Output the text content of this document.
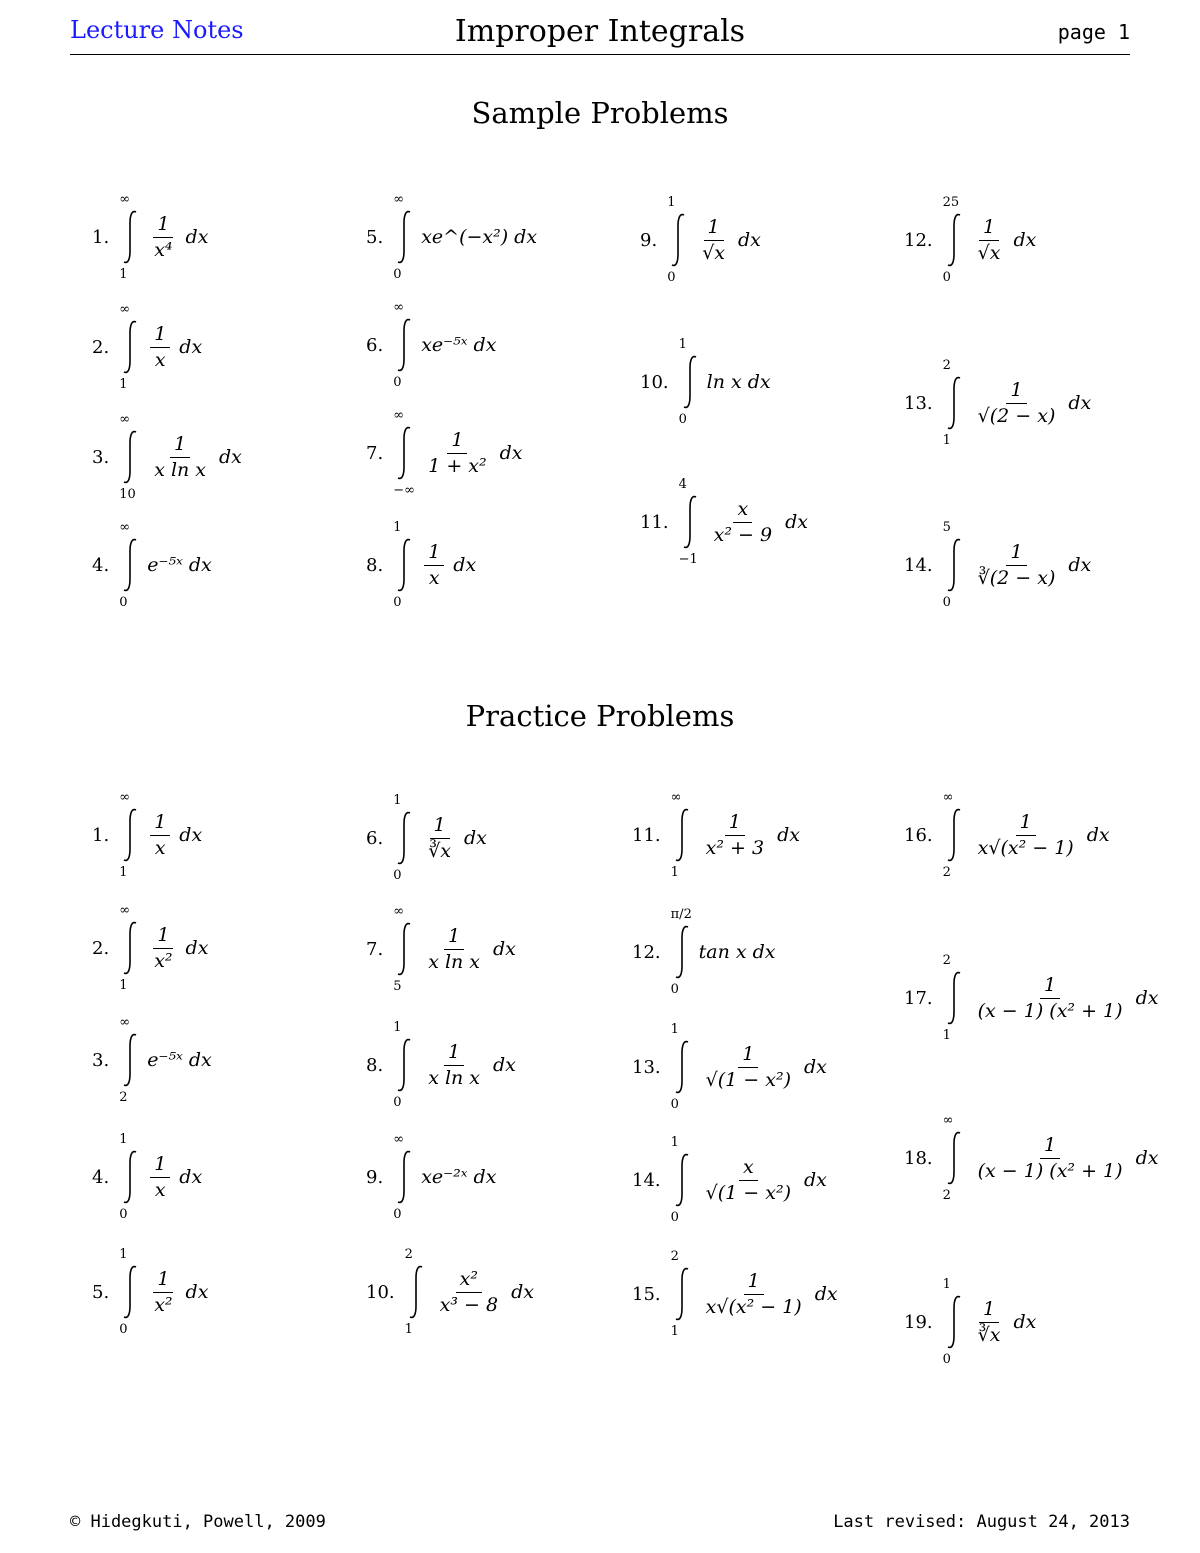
Lecture Notes	Improper Integrals	page 1
Sample Problems
Practice Problems
1.
∞
1
$\frac{1}{\text{x⁴}}$ dx
2.
∞
1
$\frac{1}{x}$ dx
3.
∞
10
$\frac{1}{\text{x ln x}}$ dx
4.
∞
0
e⁻⁵ˣ dx
5.
∞
0
xe^(−x²) dx
6.
∞
0
xe⁻⁵ˣ dx
7.
∞
−∞
$\frac{1}{\text{1 + x²}}$ dx
8.
1
0
$\frac{1}{x}$ dx
9.
1
0
$\frac{1}{√x}$ dx
10.
1
0
ln x dx
11.
4
−1
$\frac{x}{\text{x² − 9}}$ dx
12.
25
0
$\frac{1}{√x}$ dx
13.
2
1
$\frac{1}{√(2 - x)}$ dx
14.
5
0
$\frac{1}{∛(2 - x)}$ dx
1.
∞
1
$\frac{1}{x}$ dx
2.
∞
1
$\frac{1}{\text{x²}}$ dx
3.
∞
2
e⁻⁵ˣ dx
4.
1
0
$\frac{1}{x}$ dx
5.
1
0
$\frac{1}{\text{x²}}$ dx
6.
1
0
$\frac{1}{∛x}$ dx
7.
∞
5
$\frac{1}{\text{x ln x}}$ dx
8.
1
0
$\frac{1}{\text{x ln x}}$ dx
9.
∞
0
xe⁻²ˣ dx
10.
2
1
$\frac{\text{x²}}{\text{x³ − 8}}$ dx
11.
∞
1
$\frac{1}{\text{x² + 3}}$ dx
12.
π/2
0
tan x dx
13.
1
0
$\frac{1}{\text{√(1 − x²)}}$ dx
14.
1
0
$\frac{x}{\text{√(1 − x²)}}$ dx
15.
2
1
$\frac{1}{\text{x√(x² − 1)}}$ dx
16.
∞
2
$\frac{1}{\text{x√(x² − 1)}}$ dx
17.
2
1
$\frac{1}{\text{(x − 1) (x² + 1)}}$ dx
18.
∞
2
$\frac{1}{\text{(x − 1) (x² + 1)}}$ dx
19.
1
0
$\frac{1}{∛x}$ dx
© Hidegkuti, Powell, 2009	Last revised: August 24, 2013
